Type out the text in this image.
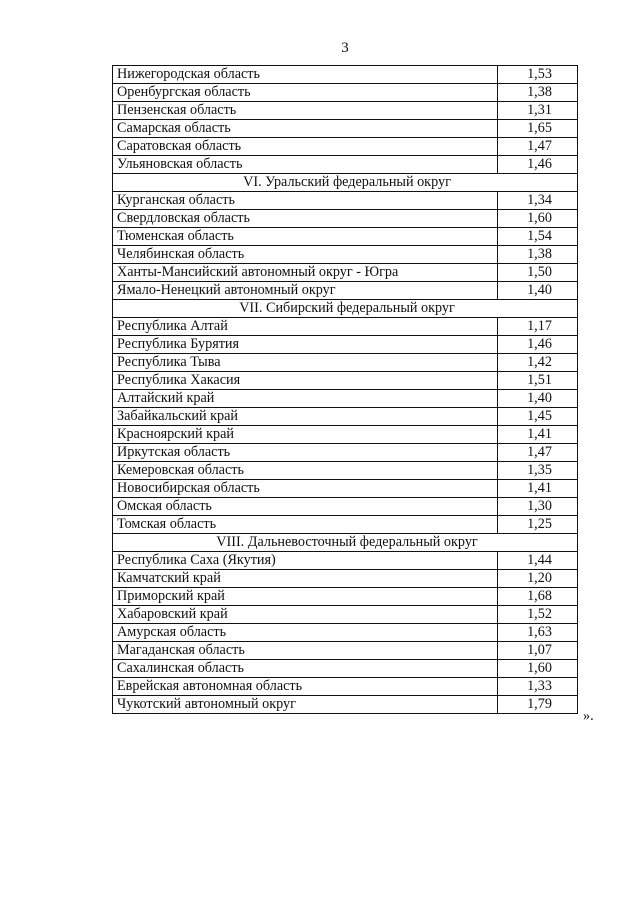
3
Нижегородская область	1,53
Оренбургская область	1,38
Пензенская область	1,31
Самарская область	1,65
Саратовская область	1,47
Ульяновская область	1,46
VI. Уральский федеральный округ	
Курганская область	1,34
Свердловская область	1,60
Тюменская область	1,54
Челябинская область	1,38
Ханты-Мансийский автономный округ - Югра	1,50
Ямало-Ненецкий автономный округ	1,40
VII. Сибирский федеральный округ	
Республика Алтай	1,17
Республика Бурятия	1,46
Республика Тыва	1,42
Республика Хакасия	1,51
Алтайский край	1,40
Забайкальский край	1,45
Красноярский край	1,41
Иркутская область	1,47
Кемеровская область	1,35
Новосибирская область	1,41
Омская область	1,30
Томская область	1,25
VIII. Дальневосточный федеральный округ	
Республика Саха (Якутия)	1,44
Камчатский край	1,20
Приморский край	1,68
Хабаровский край	1,52
Амурская область	1,63
Магаданская область	1,07
Сахалинская область	1,60
Еврейская автономная область	1,33
Чукотский автономный округ	1,79
».
